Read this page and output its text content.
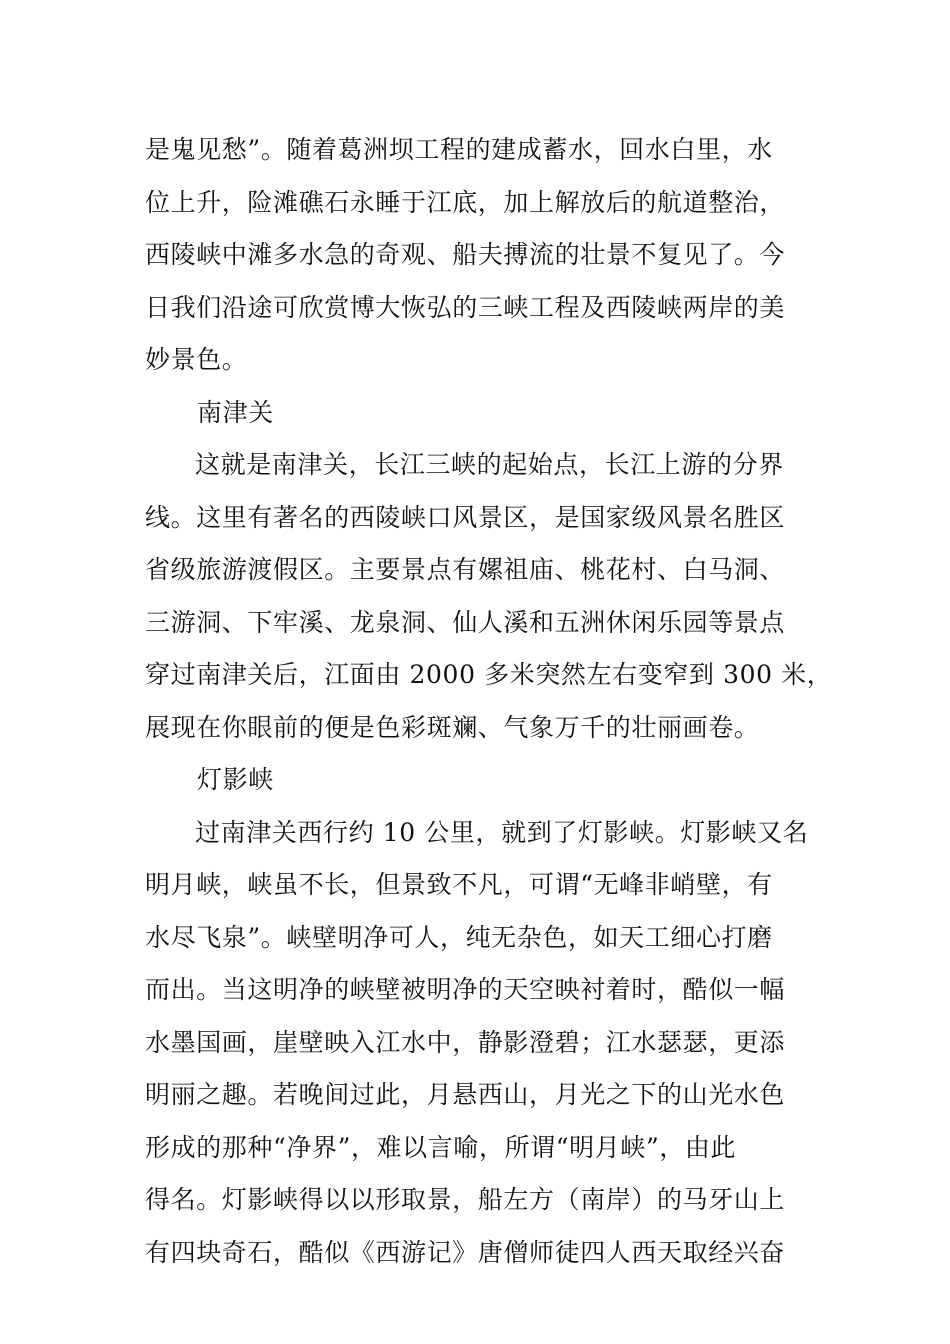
是鬼见愁”。随着葛洲坝工程的建成蓄水，回水白里，水
位上升，险滩礁石永睡于江底，加上解放后的航道整治，
西陵峡中滩多水急的奇观、船夫搏流的壮景不复见了。今
日我们沿途可欣赏博大恢弘的三峡工程及西陵峡两岸的美
妙景色。
南津关
这就是南津关，长江三峡的起始点，长江上游的分界
线。这里有著名的西陵峡口风景区，是国家级风景名胜区
省级旅游渡假区。主要景点有嫘祖庙、桃花村、白马洞、
三游洞、下牢溪、龙泉洞、仙人溪和五洲休闲乐园等景点
穿过南津关后，江面由 2000 多米突然左右变窄到 300 米，
展现在你眼前的便是色彩斑斓、气象万千的壮丽画卷。
灯影峡
过南津关西行约 10 公里，就到了灯影峡。灯影峡又名
明月峡，峡虽不长，但景致不凡，可谓“无峰非峭壁，有
水尽飞泉”。峡壁明净可人，纯无杂色，如天工细心打磨
而出。当这明净的峡壁被明净的天空映衬着时，酷似一幅
水墨国画，崖壁映入江水中，静影澄碧；江水瑟瑟，更添
明丽之趣。若晚间过此，月悬西山，月光之下的山光水色
形成的那种“净界”，难以言喻，所谓“明月峡”，由此
得名。灯影峡得以以形取景，船左方（南岸）的马牙山上
有四块奇石，酷似《西游记》唐僧师徒四人西天取经兴奋
